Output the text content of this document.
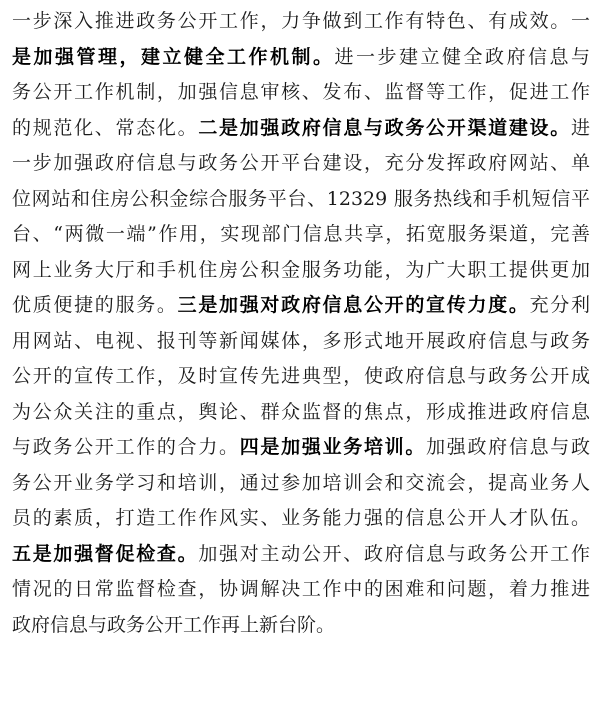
一步深入推进政务公开工作，力争做到工作有特色、有成效。一
是加强管理，建立健全工作机制。进一步建立健全政府信息与
务公开工作机制，加强信息审核、发布、监督等工作，促进工作
的规范化、常态化。二是加强政府信息与政务公开渠道建设。进
一步加强政府信息与政务公开平台建设，充分发挥政府网站、单
位网站和住房公积金综合服务平台、12329 服务热线和手机短信平
台、“两微一端”作用，实现部门信息共享，拓宽服务渠道，完善
网上业务大厅和手机住房公积金服务功能，为广大职工提供更加
优质便捷的服务。三是加强对政府信息公开的宣传力度。充分利
用网站、电视、报刊等新闻媒体，多形式地开展政府信息与政务
公开的宣传工作，及时宣传先进典型，使政府信息与政务公开成
为公众关注的重点，舆论、群众监督的焦点，形成推进政府信息
与政务公开工作的合力。四是加强业务培训。加强政府信息与政
务公开业务学习和培训，通过参加培训会和交流会，提高业务人
员的素质，打造工作作风实、业务能力强的信息公开人才队伍。
五是加强督促检查。加强对主动公开、政府信息与政务公开工作
情况的日常监督检查，协调解决工作中的困难和问题，着力推进
政府信息与政务公开工作再上新台阶。
